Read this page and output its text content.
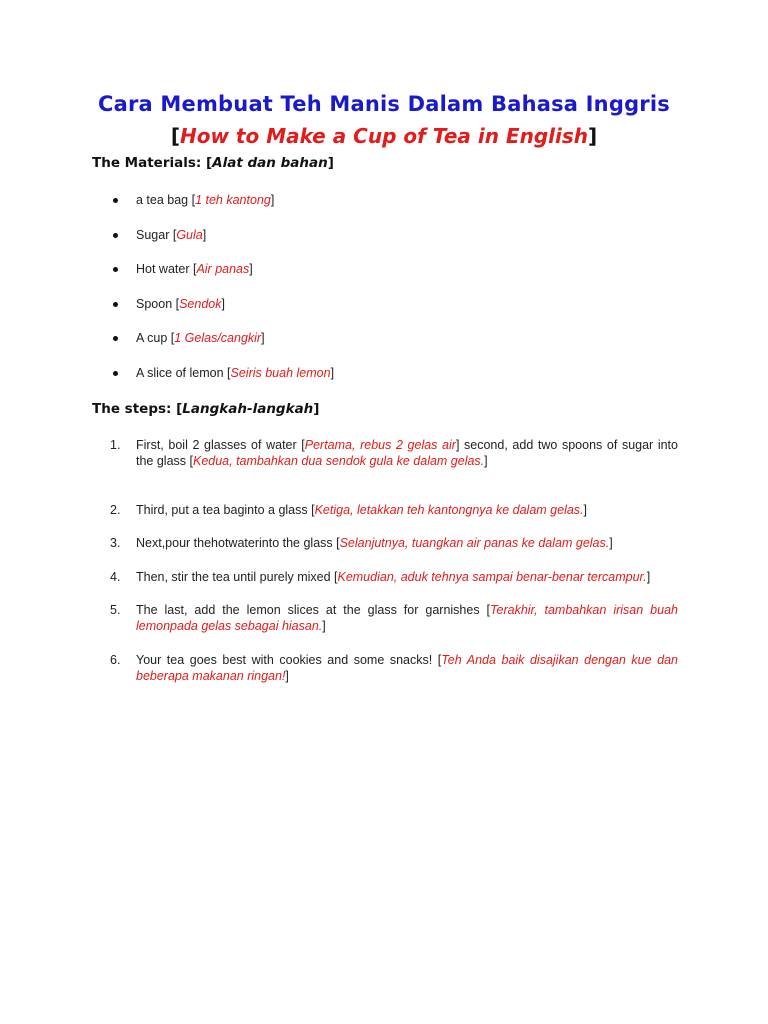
Cara Membuat Teh Manis Dalam Bahasa Inggris
[How to Make a Cup of Tea in English]
The Materials: [Alat dan bahan]
a tea bag [1 teh kantong]
Sugar [Gula]
Hot water [Air panas]
Spoon [Sendok]
A cup [1 Gelas/cangkir]
A slice of lemon [Seiris buah lemon]
The steps: [Langkah-langkah]
1.	First, boil 2 glasses of water [Pertama, rebus 2 gelas air] second, add two spoons of sugar into the glass [Kedua, tambahkan dua sendok gula ke dalam gelas.]
2.	Third, put a tea baginto a glass [Ketiga, letakkan teh kantongnya ke dalam gelas.]
3.	Next,pour thehotwaterinto the glass [Selanjutnya, tuangkan air panas ke dalam gelas.]
4.	Then, stir the tea until purely mixed [Kemudian, aduk tehnya sampai benar-benar tercampur.]
5.	The last, add the lemon slices at the glass for garnishes [Terakhir, tambahkan irisan buah lemonpada gelas sebagai hiasan.]
6.	Your tea goes best with cookies and some snacks! [Teh Anda baik disajikan dengan kue dan beberapa makanan ringan!]
